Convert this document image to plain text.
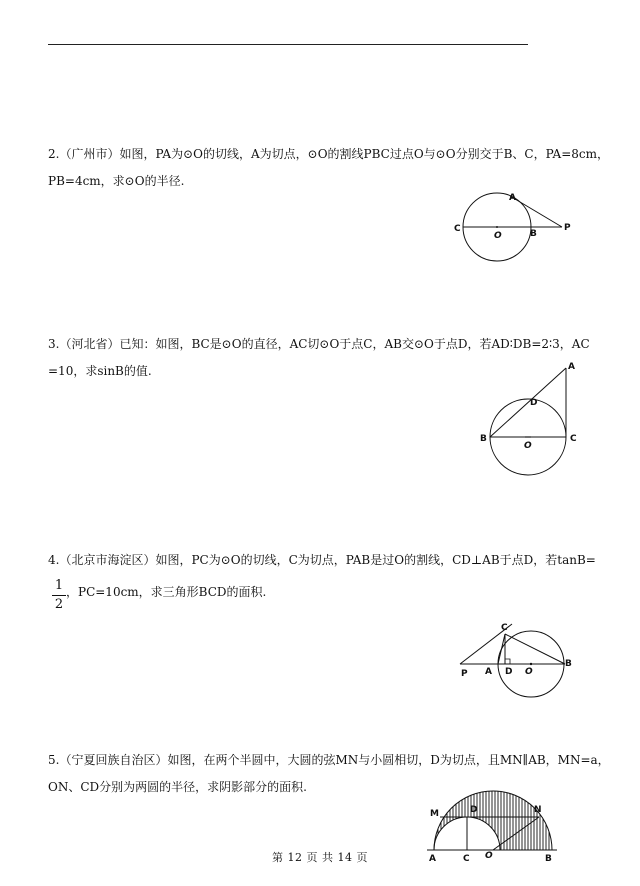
2.（广州市）如图，PA为⊙O的切线，A为切点，⊙O的割线PBC过点O与⊙O分别交于B、C，PA=8cm，
PB=4cm，求⊙O的半径.
A
C
O	B
P
3.（河北省）已知：如图，BC是⊙O的直径，AC切⊙O于点C，AB交⊙O于点D，若AD∶DB=2∶3，AC
=10，求sinB的值.	A
D
B
O
C
4.（北京市海淀区）如图，PC为⊙O的切线，C为切点，PAB是过O的割线，CD⊥AB于点D，若tanB=
1
2
，PC=10cm，求三角形BCD的面积.
C
P A D O
B
5.（宁夏回族自治区）如图，在两个半圆中，大圆的弦MN与小圆相切，D为切点，且MN∥AB，MN=a，
ON、CD分别为两圆的半径，求阴影部分的面积.
M	D	N
A	C O	B
第 12 页 共 14 页
